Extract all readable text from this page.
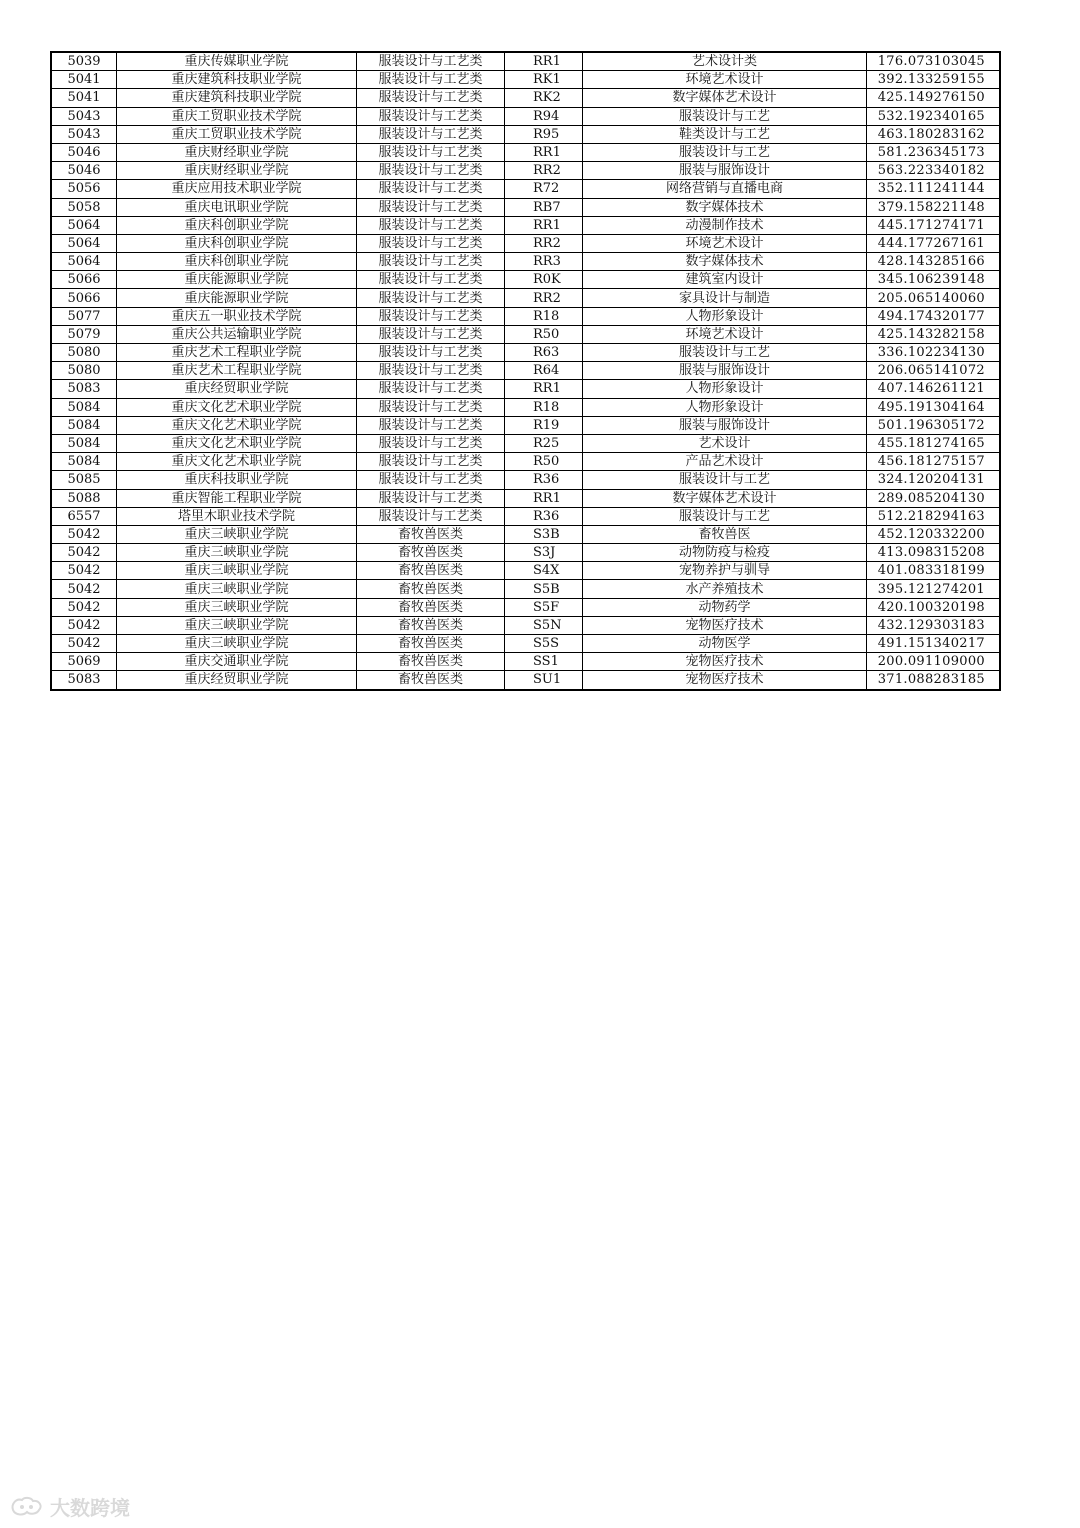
5039	重庆传媒职业学院	服装设计与工艺类	RR1	艺术设计类	176.073103045
5041	重庆建筑科技职业学院	服装设计与工艺类	RK1	环境艺术设计	392.133259155
5041	重庆建筑科技职业学院	服装设计与工艺类	RK2	数字媒体艺术设计	425.149276150
5043	重庆工贸职业技术学院	服装设计与工艺类	R94	服装设计与工艺	532.192340165
5043	重庆工贸职业技术学院	服装设计与工艺类	R95	鞋类设计与工艺	463.180283162
5046	重庆财经职业学院	服装设计与工艺类	RR1	服装设计与工艺	581.236345173
5046	重庆财经职业学院	服装设计与工艺类	RR2	服装与服饰设计	563.223340182
5056	重庆应用技术职业学院	服装设计与工艺类	R72	网络营销与直播电商	352.111241144
5058	重庆电讯职业学院	服装设计与工艺类	RB7	数字媒体技术	379.158221148
5064	重庆科创职业学院	服装设计与工艺类	RR1	动漫制作技术	445.171274171
5064	重庆科创职业学院	服装设计与工艺类	RR2	环境艺术设计	444.177267161
5064	重庆科创职业学院	服装设计与工艺类	RR3	数字媒体技术	428.143285166
5066	重庆能源职业学院	服装设计与工艺类	R0K	建筑室内设计	345.106239148
5066	重庆能源职业学院	服装设计与工艺类	RR2	家具设计与制造	205.065140060
5077	重庆五一职业技术学院	服装设计与工艺类	R18	人物形象设计	494.174320177
5079	重庆公共运输职业学院	服装设计与工艺类	R50	环境艺术设计	425.143282158
5080	重庆艺术工程职业学院	服装设计与工艺类	R63	服装设计与工艺	336.102234130
5080	重庆艺术工程职业学院	服装设计与工艺类	R64	服装与服饰设计	206.065141072
5083	重庆经贸职业学院	服装设计与工艺类	RR1	人物形象设计	407.146261121
5084	重庆文化艺术职业学院	服装设计与工艺类	R18	人物形象设计	495.191304164
5084	重庆文化艺术职业学院	服装设计与工艺类	R19	服装与服饰设计	501.196305172
5084	重庆文化艺术职业学院	服装设计与工艺类	R25	艺术设计	455.181274165
5084	重庆文化艺术职业学院	服装设计与工艺类	R50	产品艺术设计	456.181275157
5085	重庆科技职业学院	服装设计与工艺类	R36	服装设计与工艺	324.120204131
5088	重庆智能工程职业学院	服装设计与工艺类	RR1	数字媒体艺术设计	289.085204130
6557	塔里木职业技术学院	服装设计与工艺类	R36	服装设计与工艺	512.218294163
5042	重庆三峡职业学院	畜牧兽医类	S3B	畜牧兽医	452.120332200
5042	重庆三峡职业学院	畜牧兽医类	S3J	动物防疫与检疫	413.098315208
5042	重庆三峡职业学院	畜牧兽医类	S4X	宠物养护与驯导	401.083318199
5042	重庆三峡职业学院	畜牧兽医类	S5B	水产养殖技术	395.121274201
5042	重庆三峡职业学院	畜牧兽医类	S5F	动物药学	420.100320198
5042	重庆三峡职业学院	畜牧兽医类	S5N	宠物医疗技术	432.129303183
5042	重庆三峡职业学院	畜牧兽医类	S5S	动物医学	491.151340217
5069	重庆交通职业学院	畜牧兽医类	SS1	宠物医疗技术	200.091109000
5083	重庆经贸职业学院	畜牧兽医类	SU1	宠物医疗技术	371.088283185
大数跨境
